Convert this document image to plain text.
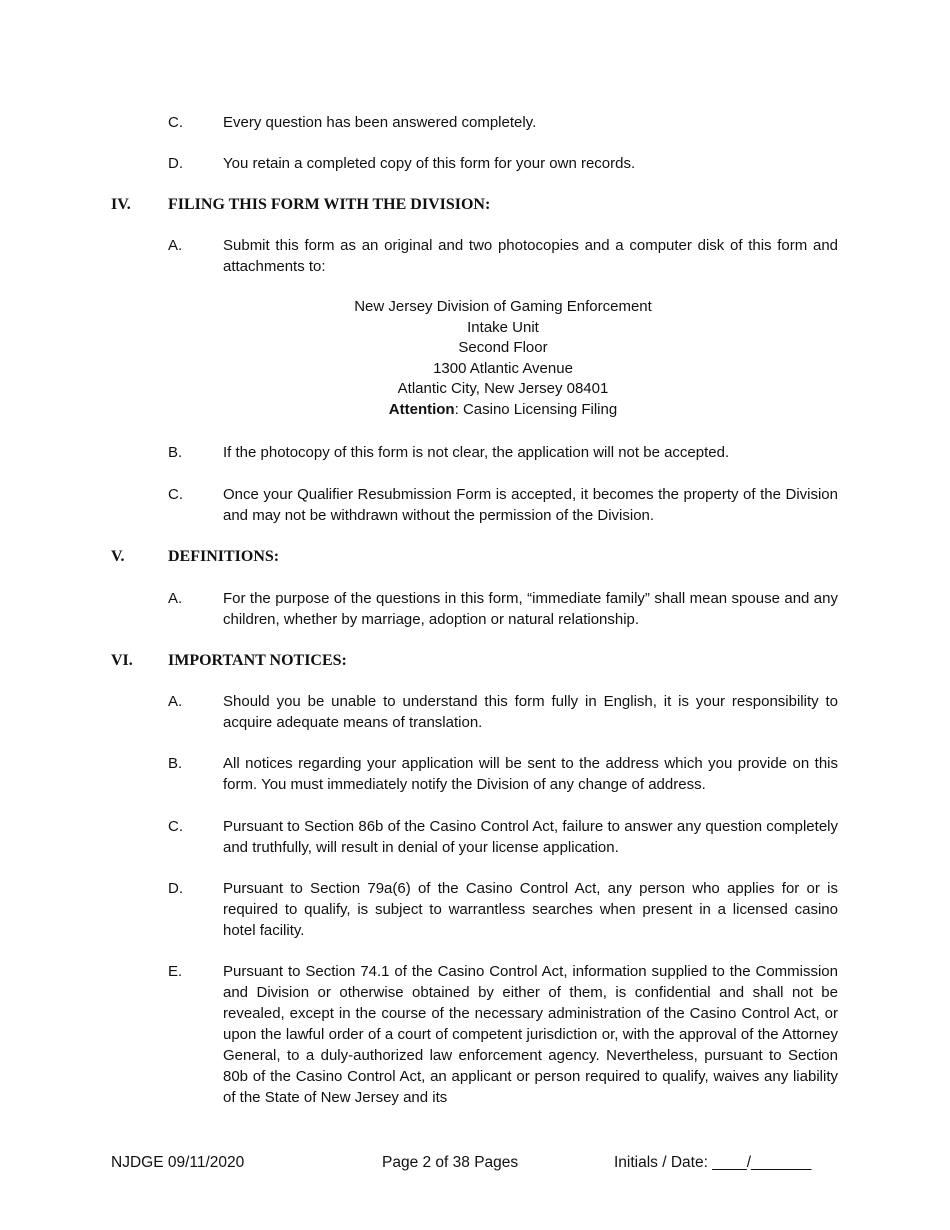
C.	Every question has been answered completely.
D.	You retain a completed copy of this form for your own records.
IV. FILING THIS FORM WITH THE DIVISION:
A.	Submit this form as an original and two photocopies and a computer disk of this form and attachments to:
New Jersey Division of Gaming Enforcement
Intake Unit
Second Floor
1300 Atlantic Avenue
Atlantic City, New Jersey 08401
Attention: Casino Licensing Filing
B.	If the photocopy of this form is not clear, the application will not be accepted.
C.	Once your Qualifier Resubmission Form is accepted, it becomes the property of the Division and may not be withdrawn without the permission of the Division.
V.	DEFINITIONS:
A.	For the purpose of the questions in this form, “immediate family” shall mean spouse and any children, whether by marriage, adoption or natural relationship.
VI. IMPORTANT NOTICES:
A.	Should you be unable to understand this form fully in English, it is your responsibility to acquire adequate means of translation.
B.	All notices regarding your application will be sent to the address which you provide on this form. You must immediately notify the Division of any change of address.
C.	Pursuant to Section 86b of the Casino Control Act, failure to answer any question completely and truthfully, will result in denial of your license application.
D.	Pursuant to Section 79a(6) of the Casino Control Act, any person who applies for or is required to qualify, is subject to warrantless searches when present in a licensed casino hotel facility.
E.	Pursuant to Section 74.1 of the Casino Control Act, information supplied to the Commission and Division or otherwise obtained by either of them, is confidential and shall not be revealed, except in the course of the necessary administration of the Casino Control Act, or upon the lawful order of a court of competent jurisdiction or, with the approval of the Attorney General, to a duly-authorized law enforcement agency. Nevertheless, pursuant to Section 80b of the Casino Control Act, an applicant or person required to qualify, waives any liability of the State of New Jersey and its
NJDGE 09/11/2020	Page 2 of 38 Pages	Initials / Date: ____/_______
